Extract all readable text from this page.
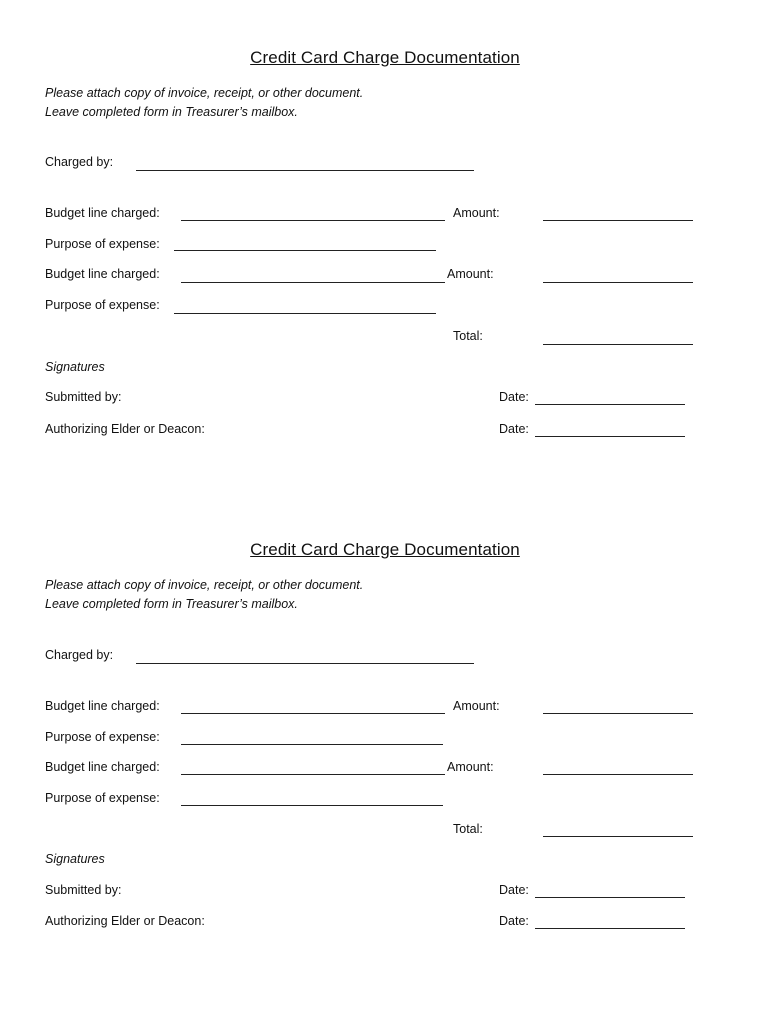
Credit Card Charge Documentation
Please attach copy of invoice, receipt, or other document.
Leave completed form in Treasurer’s mailbox.
Charged by:
Budget line charged:	Amount:
Purpose of expense:
Budget line charged:	Amount:
Purpose of expense:
Total:
Signatures
Submitted by:	Date:
Authorizing Elder or Deacon:	Date:
Credit Card Charge Documentation
Please attach copy of invoice, receipt, or other document.
Leave completed form in Treasurer’s mailbox.
Charged by:
Budget line charged:	Amount:
Purpose of expense:
Budget line charged:	Amount:
Purpose of expense:
Total:
Signatures
Submitted by:	Date:
Authorizing Elder or Deacon:	Date:
